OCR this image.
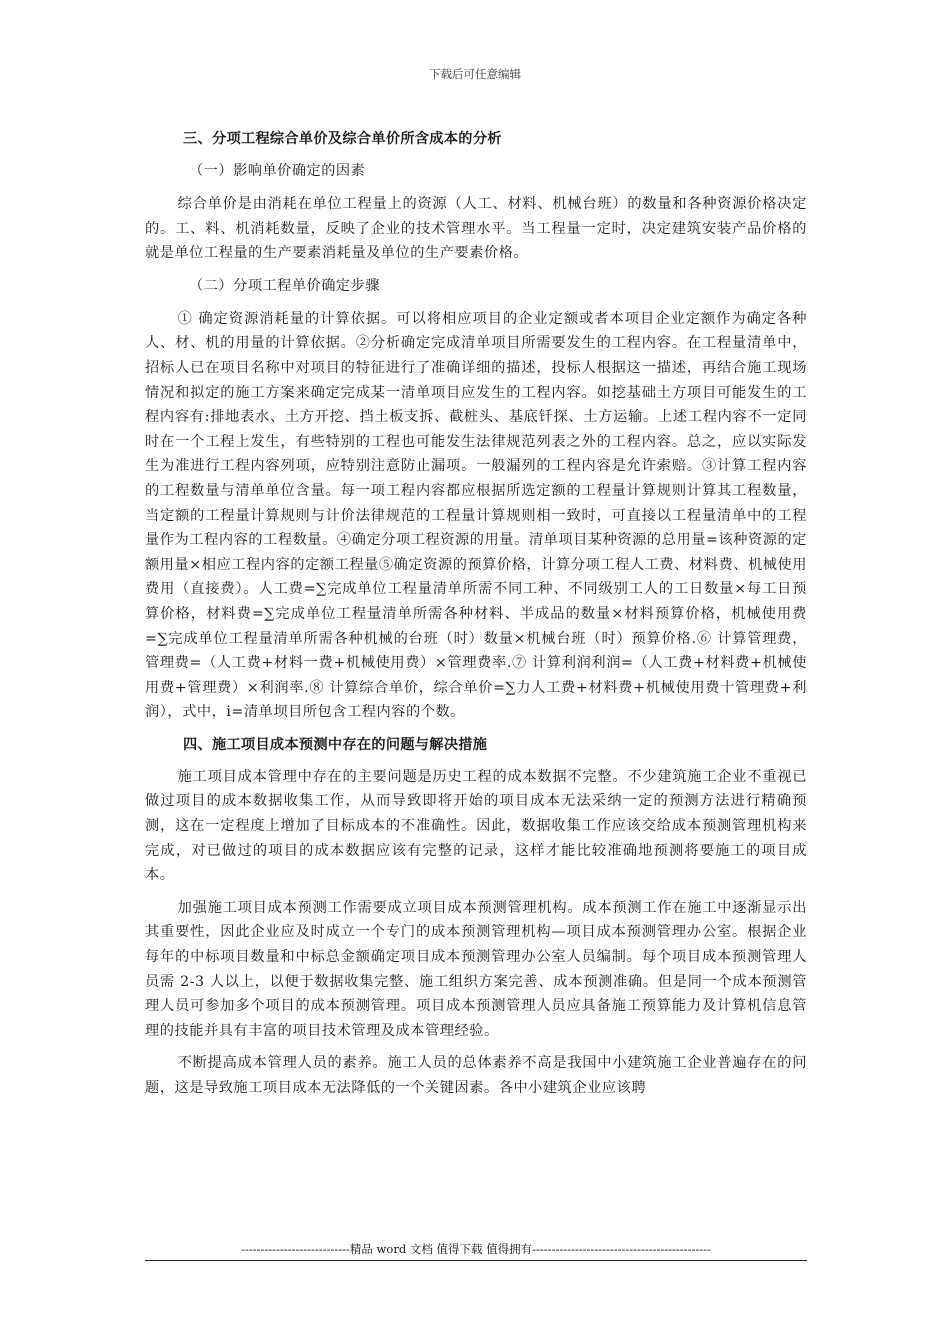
下载后可任意编辑
三、分项工程综合单价及综合单价所含成本的分析
（一）影响单价确定的因素

综合单价是由消耗在单位工程量上的资源（人工、材料、机械台班）的数量和各种资源价格决定的。工、料、机消耗数量，反映了企业的技术管理水平。当工程量一定时，决定建筑安装产品价格的就是单位工程量的生产要素消耗量及单位的生产要素价格。

（二）分项工程单价确定步骤

① 确定资源消耗量的计算依据。可以将相应项目的企业定额或者本项目企业定额作为确定各种人、材、机的用量的计算依据。②分析确定完成清单项目所需要发生的工程内容。在工程量清单中，招标人已在项目名称中对项目的特征进行了准确详细的描述，投标人根据这一描述，再结合施工现场情况和拟定的施工方案来确定完成某一清单项目应发生的工程内容。如挖基础土方项目可能发生的工程内容有:排地表水、土方开挖、挡土板支拆、截桩头、基底钎探、土方运输。上述工程内容不一定同时在一个工程上发生，有些特别的工程也可能发生法律规范列表之外的工程内容。总之，应以实际发生为准进行工程内容列项，应特别注意防止漏项。一般漏列的工程内容是允许索赔。③计算工程内容的工程数量与清单单位含量。每一项工程内容都应根据所选定额的工程量计算规则计算其工程数量，当定额的工程量计算规则与计价法律规范的工程量计算规则相一致时，可直接以工程量清单中的工程量作为工程内容的工程数量。④确定分项工程资源的用量。清单项目某种资源的总用量=该种资源的定额用量×相应工程内容的定额工程量⑤确定资源的预算价格，计算分项工程人工费、材料费、机械使用费用（直接费）。人工费=∑完成单位工程量清单所需不同工种、不同级别工人的工日数量×每工日预算价格，材料费=∑完成单位工程量清单所需各种材料、半成品的数量×材料预算价格，机械使用费=∑完成单位工程量清单所需各种机械的台班（时）数量×机械台班（时）预算价格.⑥ 计算管理费，管理费=（人工费+材料一费+机械使用费）×管理费率.⑦ 计算利润利润=（人工费+材料费+机械使用费+管理费）×利润率.⑧ 计算综合单价，综合单价=∑力人工费+材料费+机械使用费十管理费+利润），式中，i=清单坝目所包含工程内容的个数。

四、施工项目成本预测中存在的问题与解决措施

施工项目成本管理中存在的主要问题是历史工程的成本数据不完整。不少建筑施工企业不重视已做过项目的成本数据收集工作，从而导致即将开始的项目成本无法采纳一定的预测方法进行精确预测，这在一定程度上增加了目标成本的不准确性。因此，数据收集工作应该交给成本预测管理机构来完成，对已做过的项目的成本数据应该有完整的记录，这样才能比较准确地预测将要施工的项目成本。

加强施工项目成本预测工作需要成立项目成本预测管理机构。成本预测工作在施工中逐渐显示出其重要性，因此企业应及时成立一个专门的成本预测管理机构—项目成本预测管理办公室。根据企业每年的中标项目数量和中标总金额确定项目成本预测管理办公室人员编制。每个项目成本预测管理人员需 2-3 人以上，以便于数据收集完整、施工组织方案完善、成本预测准确。但是同一个成本预测管理人员可参加多个项目的成本预测管理。项目成本预测管理人员应具备施工预算能力及计算机信息管理的技能并具有丰富的项目技术管理及成本管理经验。

不断提高成本管理人员的素养。施工人员的总体素养不高是我国中小建筑施工企业普遍存在的问题，这是导致施工项目成本无法降低的一个关键因素。各中小建筑企业应该聘

----------------------------精品 word 文档 值得下载 值得拥有----------------------------------------------
